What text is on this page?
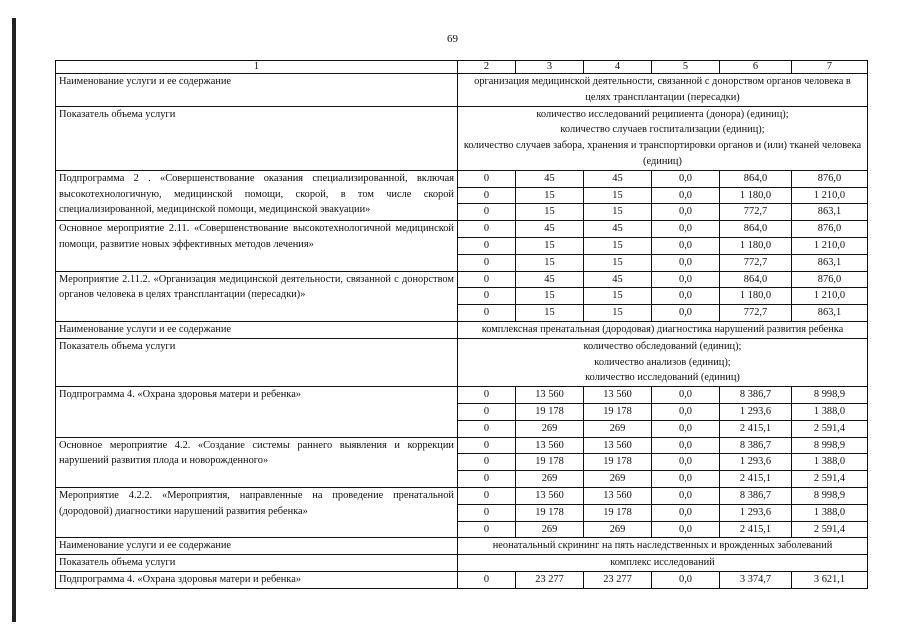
69
1	2	3	4	5	6	7
Наименование услуги и ее содержание	организация медицинской деятельности, связанной с донорством органов человека в целях трансплантации (пересадки)					
Показатель объема услуги	количество исследований реципиента (донора) (единиц);
количество случаев госпитализации (единиц);
количество случаев забора, хранения и транспортировки органов и (или) тканей человека (единиц)					

Подпрограмма 2 . «Совершенствование оказания специализированной, включая высокотехнологичную, медицинской помощи, скорой, в том числе скорой специализированной, медицинской помощи, медицинской эвакуации»	0	45	45	0,0	864,0	876,0
	0	15	15	0,0	1 180,0	1 210,0
	0	15	15	0,0	772,7	863,1
Основное мероприятие 2.11. «Совершенствование высокотехнологичной медицинской помощи, развитие новых эффективных методов лечения»	0	45	45	0,0	864,0	876,0
	0	15	15	0,0	1 180,0	1 210,0
	0	15	15	0,0	772,7	863,1
Мероприятие 2.11.2. «Организация медицинской деятельности, связанной с донорством органов человека в целях трансплантации (пересадки)»	0	45	45	0,0	864,0	876,0
	0	15	15	0,0	1 180,0	1 210,0
	0	15	15	0,0	772,7	863,1
Наименование услуги и ее содержание	комплексная пренатальная (дородовая) диагностика нарушений развития ребенка					
Показатель объема услуги	количество обследований (единиц);
количество анализов (единиц);
количество исследований (единиц)					

Подпрограмма 4. «Охрана здоровья матери и ребенка»	0	13 560	13 560	0,0	8 386,7	8 998,9
	0	19 178	19 178	0,0	1 293,6	1 388,0
	0	269	269	0,0	2 415,1	2 591,4
Основное мероприятие 4.2. «Создание системы раннего выявления и коррекции нарушений развития плода и новорожденного»	0	13 560	13 560	0,0	8 386,7	8 998,9
	0	19 178	19 178	0,0	1 293,6	1 388,0
	0	269	269	0,0	2 415,1	2 591,4
Мероприятие 4.2.2. «Мероприятия, направленные на проведение пренатальной (дородовой) диагностики нарушений развития ребенка»	0	13 560	13 560	0,0	8 386,7	8 998,9
	0	19 178	19 178	0,0	1 293,6	1 388,0
	0	269	269	0,0	2 415,1	2 591,4
Наименование услуги и ее содержание	неонатальный скрининг на пять наследственных и врожденных заболеваний					
Показатель объема услуги	комплекс исследований					

Подпрограмма 4. «Охрана здоровья матери и ребенка»	0	23 277	23 277	0,0	3 374,7	3 621,1
